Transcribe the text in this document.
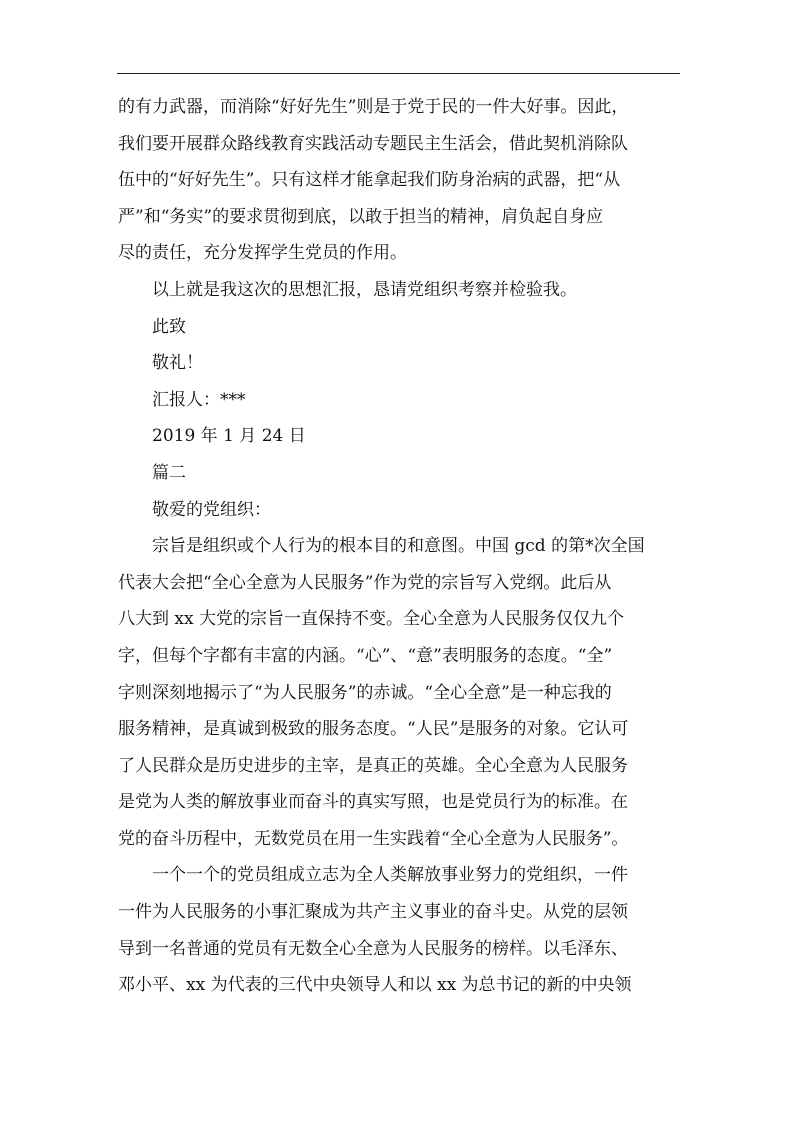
的有力武器，而消除“好好先生”则是于党于民的一件大好事。因此，
我们要开展群众路线教育实践活动专题民主生活会，借此契机消除队
伍中的“好好先生”。只有这样才能拿起我们防身治病的武器，把“从
严”和“务实”的要求贯彻到底，以敢于担当的精神，肩负起自身应
尽的责任，充分发挥学生党员的作用。
以上就是我这次的思想汇报，恳请党组织考察并检验我。
此致
敬礼！
汇报人：***
2019 年 1 月 24 日
篇二
敬爱的党组织：
宗旨是组织或个人行为的根本目的和意图。中国 gcd 的第*次全国
代表大会把“全心全意为人民服务”作为党的宗旨写入党纲。此后从
八大到 xx 大党的宗旨一直保持不变。全心全意为人民服务仅仅九个
字，但每个字都有丰富的内涵。“心”、“意”表明服务的态度。“全”
字则深刻地揭示了“为人民服务”的赤诚。“全心全意”是一种忘我的
服务精神，是真诚到极致的服务态度。“人民”是服务的对象。它认可
了人民群众是历史进步的主宰，是真正的英雄。全心全意为人民服务
是党为人类的解放事业而奋斗的真实写照，也是党员行为的标准。在
党的奋斗历程中，无数党员在用一生实践着“全心全意为人民服务”。
一个一个的党员组成立志为全人类解放事业努力的党组织，一件
一件为人民服务的小事汇聚成为共产主义事业的奋斗史。从党的层领
导到一名普通的党员有无数全心全意为人民服务的榜样。以毛泽东、
邓小平、xx 为代表的三代中央领导人和以 xx 为总书记的新的中央领
